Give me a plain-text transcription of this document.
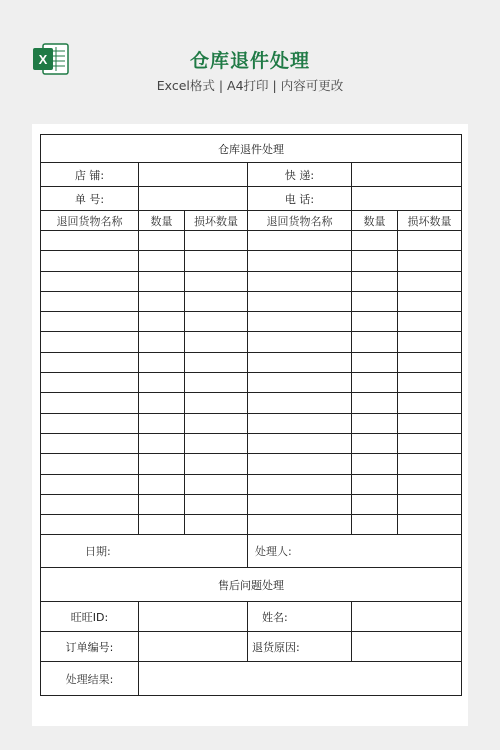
X	仓库退件处理
Excel格式 | A4打印 | 内容可更改
仓库退件处理					
店 铺:			快 递:		
单 号:			电 话:		
退回货物名称	数量	损坏数量	退回货物名称	数量	损坏数量

日期:			处理人:		
售后问题处理					
旺旺ID:			姓名:		
订单编号:			退货原因:		
处理结果:					
